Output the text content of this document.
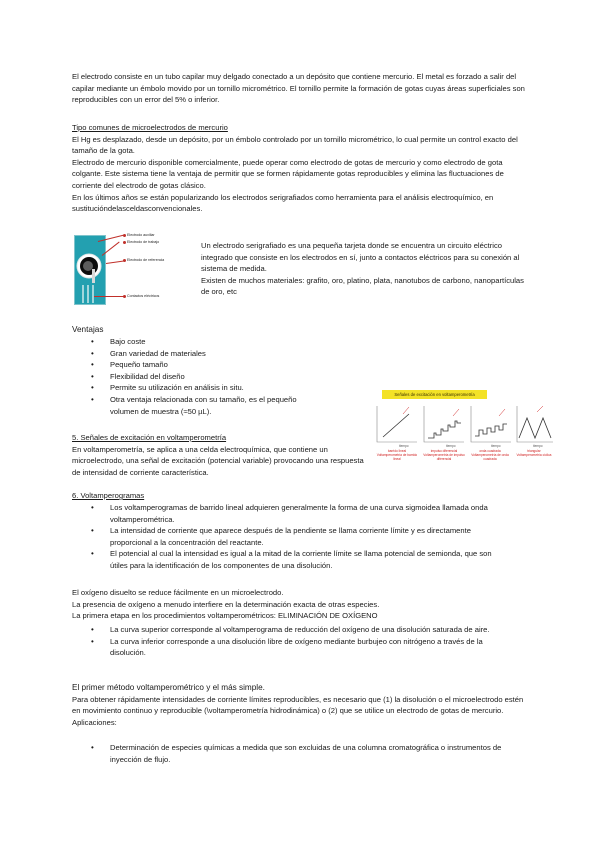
El electrodo consiste en un tubo capilar muy delgado conectado a un depósito que contiene mercurio. El metal es forzado a salir del capilar mediante un émbolo movido por un tornillo micrométrico. El tornillo permite la formación de gotas cuyas áreas superficiales son reproducibles con un error del 5% o inferior.

Tipo comunes de microelectrodos de mercurio

El Hg es desplazado, desde un depósito, por un émbolo controlado por un tornillo micrométrico, lo cual permite un control exacto del tamaño de la gota.

Electrodo de mercurio disponible comercialmente, puede operar como electrodo de gotas de mercurio y como electrodo de gota colgante. Este sistema tiene la ventaja de permitir que se formen rápidamente gotas reproducibles y elimina las fluctuaciones de corriente del electrodo de gotas clásico.

En los últimos años se están popularizando los electrodos serigrafiados como herramienta para el análisis electroquímico, en sustitucióndelasceldasconvencionales.

Electrodo auxiliar
Electrodo de trabajo
Electrodo de referencia
Contactos eléctricos

Un electrodo serigrafiado es una pequeña tarjeta donde se encuentra un circuito eléctrico integrado que consiste en los electrodos en sí, junto a contactos eléctricos para su conexión al sistema de medida.

Existen de muchos materiales: grafito, oro, platino, plata, nanotubos de carbono, nanopartículas de oro, etc

Ventajas

• Bajo coste
• Gran variedad de materiales
• Pequeño tamaño
• Flexibilidad del diseño
• Permite su utilización en análisis in situ.
• Otra ventaja relacionada con su tamaño, es el pequeño volumen de muestra (≈50 µL).

5. Señales de excitación en voltamperometría

En voltamperometría, se aplica a una celda electroquímica, que contiene un microelectrodo, una señal de excitación (potencial variable) provocando una respuesta de intensidad de corriente característica.

Señales de excitación en voltamperometría
tiempo	tiempo	tiempo	tiempo
barrido lineal
Voltamperometría de barrido lineal
impulso diferencial
Voltamperometría de impulso diferencial
onda cuadrada
Voltamperometría de onda cuadrada
triangular
Voltamperometría cíclica

6. Voltamperogramas

• Los voltamperogramas de barrido lineal adquieren generalmente la forma de una curva sigmoidea llamada onda voltamperométrica.
• La intensidad de corriente que aparece después de la pendiente se llama corriente límite y es directamente proporcional a la concentración del reactante.
• El potencial al cual la intensidad es igual a la mitad de la corriente límite se llama potencial de semionda, que son útiles para la identificación de los componentes de una disolución.

El oxígeno disuelto se reduce fácilmente en un microelectrodo.

La presencia de oxígeno a menudo interfiere en la determinación exacta de otras especies.

La primera etapa en los procedimientos voltamperométricos: ELIMINACIÓN DE OXÍGENO

• La curva superior corresponde al voltamperograma de reducción del oxígeno de una disolución saturada de aire.
• La curva inferior corresponde a una disolución libre de oxígeno mediante burbujeo con nitrógeno a través de la disolución.

El primer método voltamperométrico y el más simple.

Para obtener rápidamente intensidades de corriente límites reproducibles, es necesario que (1) la disolución o el microelectrodo estén en movimiento continuo y reproducible (\voltamperometría hidrodinámica) o (2) que se utilice un electrodo de gotas de mercurio.

Aplicaciones:

• Determinación de especies químicas a medida que son excluidas de una columna cromatográfica o instrumentos de inyección de flujo.
